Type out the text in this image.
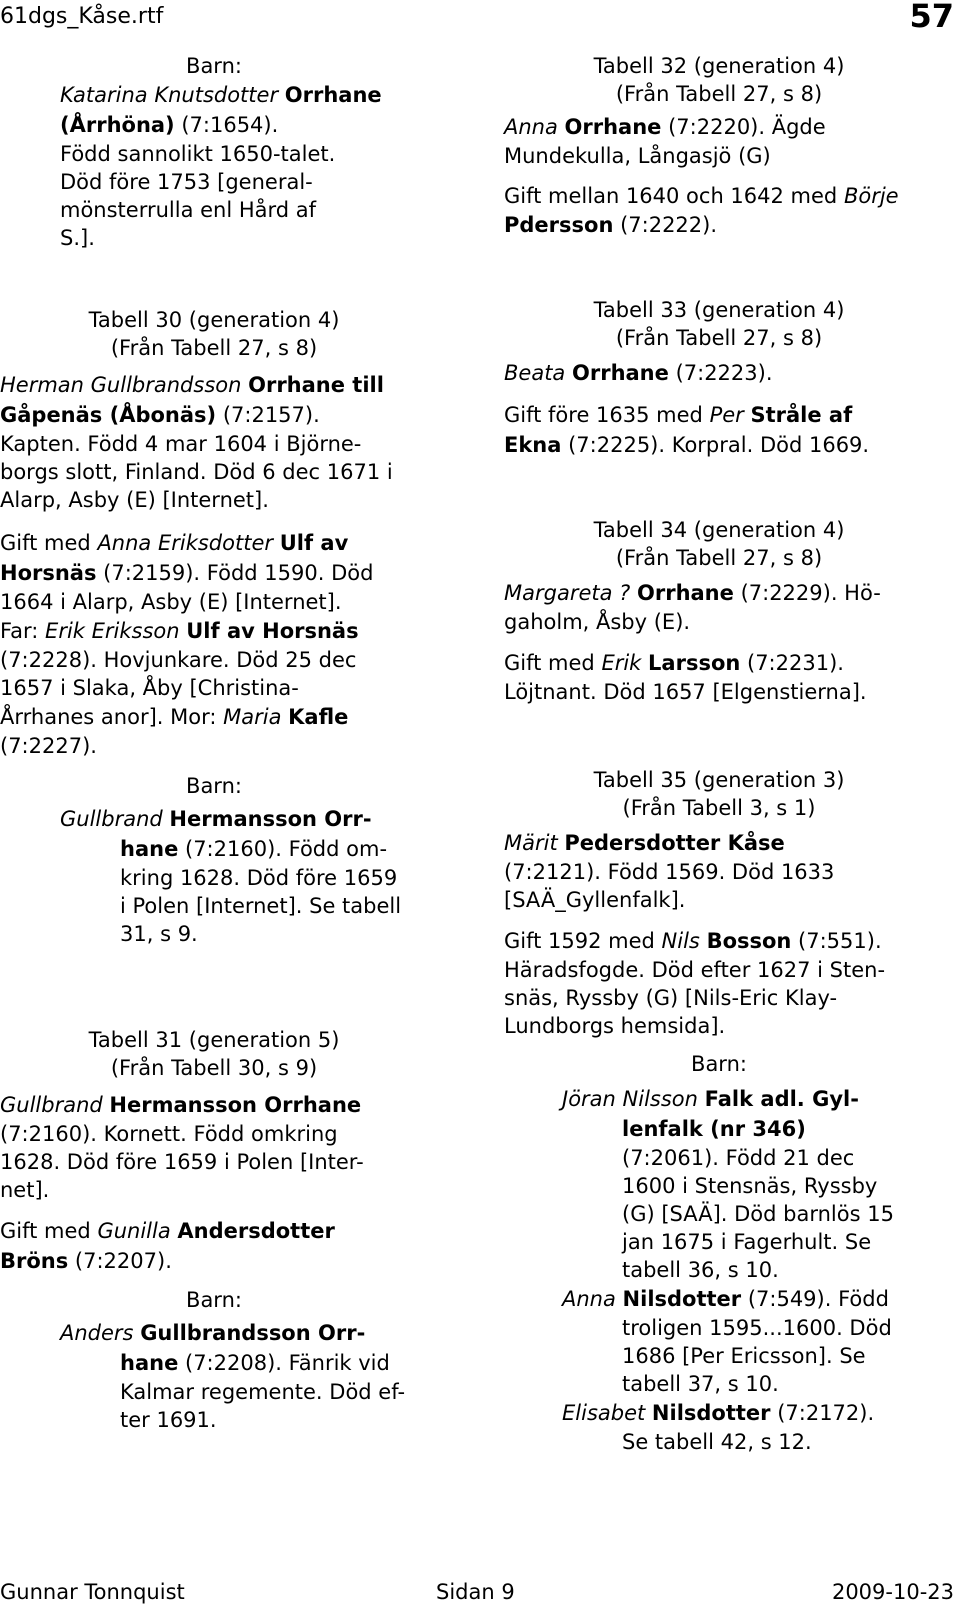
61dgs_Kåse.rtf	57

Barn:

Katarina Knutsdotter Orrhane (Årrhöna) (7:1654).

Född sannolikt 1650-talet.

Död före 1753 [general-

mönsterrulla enl Hård af

S.].

Tabell 30 (generation 4)

(Från Tabell 27, s 8)

Herman Gullbrandsson Orrhane till

Gåpenäs (Åbonäs) (7:2157).

Kapten. Född 4 mar 1604 i Björne-

borgs slott, Finland. Död 6 dec 1671 i

Alarp, Asby (E) [Internet].

Gift med Anna Eriksdotter Ulf av

Horsnäs (7:2159). Född 1590. Död

1664 i Alarp, Asby (E) [Internet].

Far: Erik Eriksson Ulf av Horsnäs

(7:2228). Hovjunkare. Död 25 dec

1657 i Slaka, Åby [Christina-

Årrhanes anor]. Mor: Maria Kafle

(7:2227).

Barn:

Gullbrand Hermansson Orr-

hane (7:2160). Född om-

kring 1628. Död före 1659

i Polen [Internet]. Se tabell

31, s 9.

Tabell 31 (generation 5)

(Från Tabell 30, s 9)

Gullbrand Hermansson Orrhane

(7:2160). Kornett. Född omkring

1628. Död före 1659 i Polen [Inter-

net].

Gift med Gunilla Andersdotter

Bröns (7:2207).

Barn:

Anders Gullbrandsson Orr-

hane (7:2208). Fänrik vid

Kalmar regemente. Död ef-

ter 1691.

Tabell 32 (generation 4)

(Från Tabell 27, s 8)

Anna Orrhane (7:2220). Ägde

Mundekulla, Långasjö (G)

Gift mellan 1640 och 1642 med Börje

Pdersson (7:2222).

Tabell 33 (generation 4)

(Från Tabell 27, s 8)

Beata Orrhane (7:2223).

Gift före 1635 med Per Stråle af

Ekna (7:2225). Korpral. Död 1669.

Tabell 34 (generation 4)

(Från Tabell 27, s 8)

Margareta ? Orrhane (7:2229). Hö-

gaholm, Åsby (E).

Gift med Erik Larsson (7:2231).

Löjtnant. Död 1657 [Elgenstierna].

Tabell 35 (generation 3)

(Från Tabell 3, s 1)

Märit Pedersdotter Kåse

(7:2121). Född 1569. Död 1633

[SAÄ_Gyllenfalk].

Gift 1592 med Nils Bosson (7:551).

Häradsfogde. Död efter 1627 i Sten-

snäs, Ryssby (G) [Nils-Eric Klay-

Lundborgs hemsida].

Barn:

Jöran Nilsson Falk adl. Gyl-

lenfalk (nr 346)

(7:2061). Född 21 dec

1600 i Stensnäs, Ryssby

(G) [SAÄ]. Död barnlös 15

jan 1675 i Fagerhult. Se

tabell 36, s 10.

Anna Nilsdotter (7:549). Född

troligen 1595...1600. Död

1686 [Per Ericsson]. Se

tabell 37, s 10.

Elisabet Nilsdotter (7:2172).

Se tabell 42, s 12.

Gunnar Tonnquist	Sidan 9	2009-10-23
